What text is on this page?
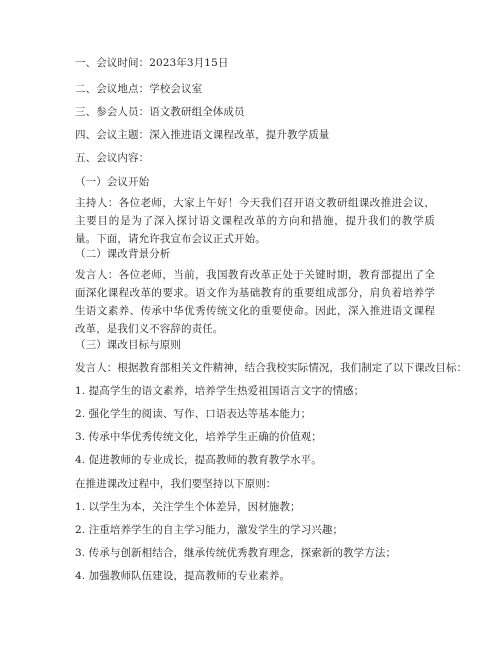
一、会议时间：2023年3月15日
二、会议地点：学校会议室
三、参会人员：语文教研组全体成员
四、会议主题：深入推进语文课程改革，提升教学质量
五、会议内容：
（一）会议开始
主持人：各位老师，大家上午好！今天我们召开语文教研组课改推进会议，主要目的是为了深入探讨语文课程改革的方向和措施，提升我们的教学质量。下面，请允许我宣布会议正式开始。
（二）课改背景分析
发言人：各位老师，当前，我国教育改革正处于关键时期，教育部提出了全面深化课程改革的要求。语文作为基础教育的重要组成部分，肩负着培养学生语文素养、传承中华优秀传统文化的重要使命。因此，深入推进语文课程改革，是我们义不容辞的责任。
（三）课改目标与原则
发言人：根据教育部相关文件精神，结合我校实际情况，我们制定了以下课改目标：
1. 提高学生的语文素养，培养学生热爱祖国语言文字的情感；
2. 强化学生的阅读、写作、口语表达等基本能力；
3. 传承中华优秀传统文化，培养学生正确的价值观；
4. 促进教师的专业成长，提高教师的教育教学水平。
在推进课改过程中，我们要坚持以下原则：
1. 以学生为本，关注学生个体差异，因材施教；
2. 注重培养学生的自主学习能力，激发学生的学习兴趣；
3. 传承与创新相结合，继承传统优秀教育理念，探索新的教学方法；
4. 加强教师队伍建设，提高教师的专业素养。
